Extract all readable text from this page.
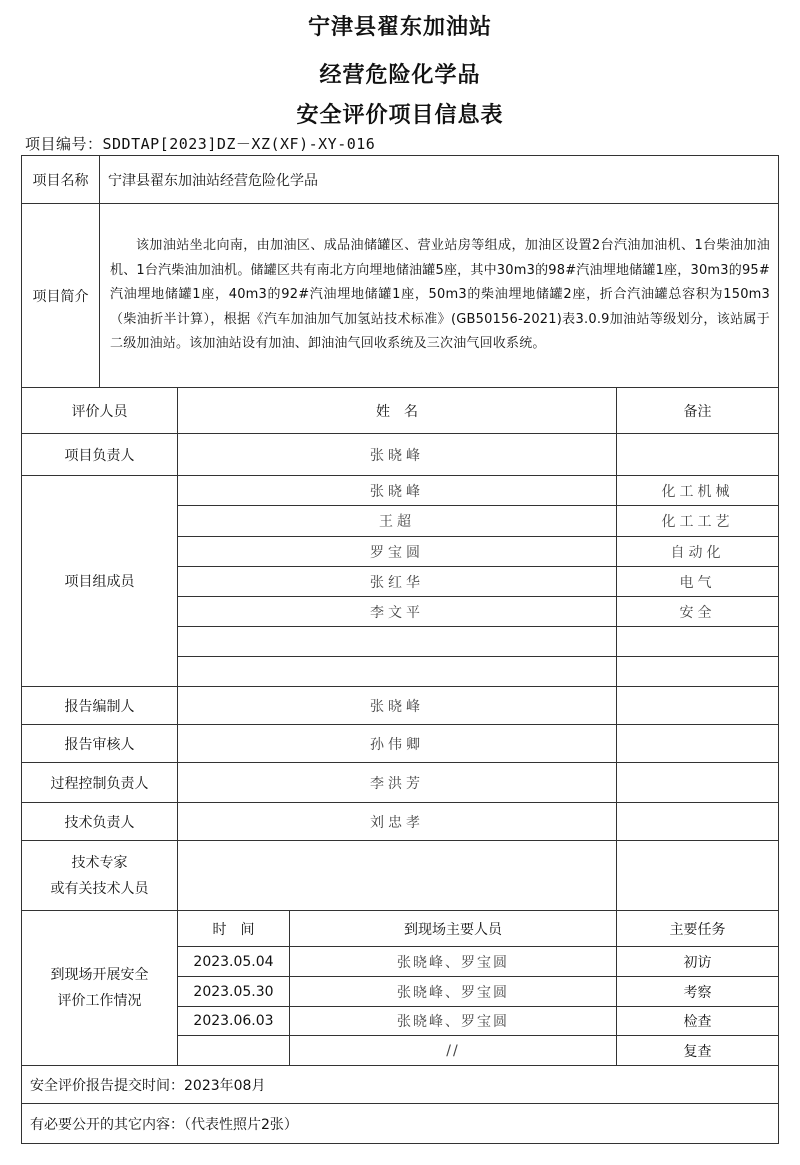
宁津县翟东加油站
经营危险化学品
安全评价项目信息表
项目编号：SDDTAP[2023]DZ－XZ(XF)-XY-016
项目名称	宁津县翟东加油站经营危险化学品			
项目简介	该加油站坐北向南，由加油区、成品油储罐区、营业站房等组成，加油区设置2台汽油加油机、1台柴油加油机、1台汽柴油加油机。储罐区共有南北方向埋地储油罐5座，其中30m3的98#汽油埋地储罐1座，30m3的95#汽油埋地储罐1座，40m3的92#汽油埋地储罐1座，50m3的柴油埋地储罐2座，折合汽油罐总容积为150m3（柴油折半计算），根据《汽车加油加气加氢站技术标准》(GB50156-2021)表3.0.9加油站等级划分，该站属于二级加油站。该加油站设有加油、卸油油气回收系统及三次油气回收系统。			
评价人员		姓　名		备注
项目负责人		张晓峰		
项目组成员		张晓峰		化工机械
		王超		化工工艺
		罗宝圆		自动化
		张红华		电气
		李文平		安全

报告编制人		张晓峰		
报告审核人		孙伟卿		
过程控制负责人		李洪芳		
技术负责人		刘忠孝		

技术专家
或有关技术人员				

到现场开展安全
评价工作情况		时　间	到现场主要人员	主要任务
		2023.05.04	张晓峰、罗宝圆	初访
		2023.05.30	张晓峰、罗宝圆	考察
		2023.06.03	张晓峰、罗宝圆	检查
			//	复查
安全评价报告提交时间：2023年08月				
有必要公开的其它内容：（代表性照片2张）				
